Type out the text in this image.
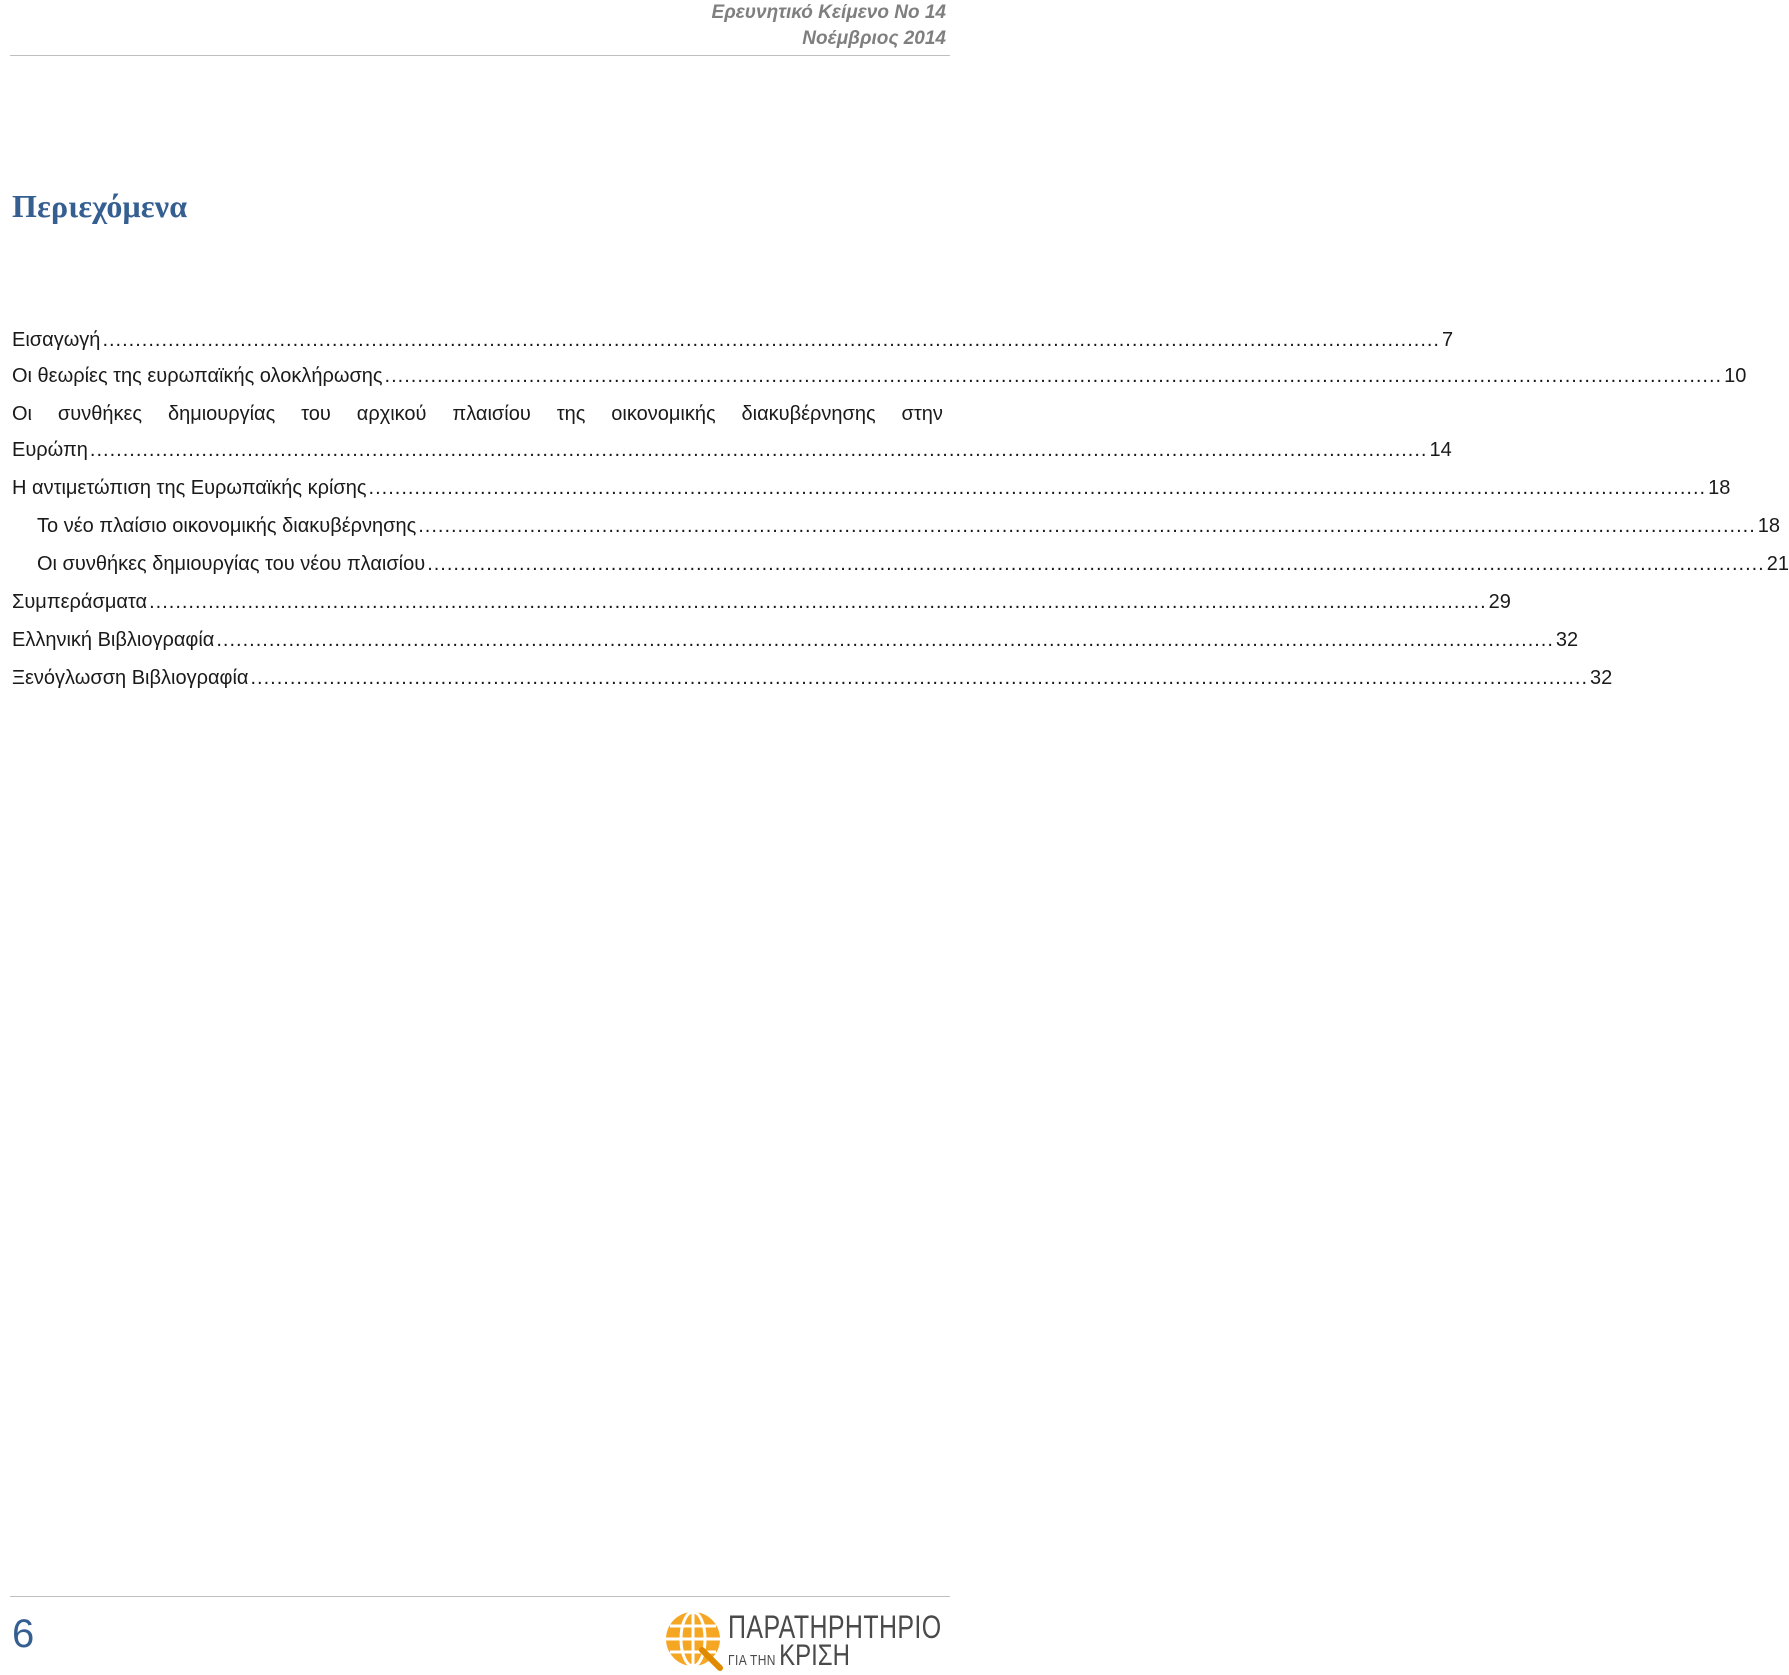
Ερευνητικό Κείμενο Νο 14
Νοέμβριος 2014
Περιεχόμενα
Εισαγωγή ............................................................................................................................................................................................................ 7
Οι θεωρίες της ευρωπαϊκής ολοκλήρωσης ............................................................................................................................................................................................................ 10
Οι συνθήκες δημιουργίας του αρχικού πλαισίου της οικονομικής διακυβέρνησης στην
Ευρώπη ............................................................................................................................................................................................................ 14
Η αντιμετώπιση της Ευρωπαϊκής κρίσης ............................................................................................................................................................................................................ 18
Το νέο πλαίσιο οικονομικής διακυβέρνησης ............................................................................................................................................................................................................ 18
Οι συνθήκες δημιουργίας του νέου πλαισίου ............................................................................................................................................................................................................ 21
Συμπεράσματα ............................................................................................................................................................................................................ 29
Ελληνική Βιβλιογραφία ............................................................................................................................................................................................................ 32
Ξενόγλωσση Βιβλιογραφία ............................................................................................................................................................................................................ 32
6	ΠΑΡΑΤΗΡΗΤΗΡΙΟ
ΓΙΑ ΤΗΝ ΚΡΙΣΗ
